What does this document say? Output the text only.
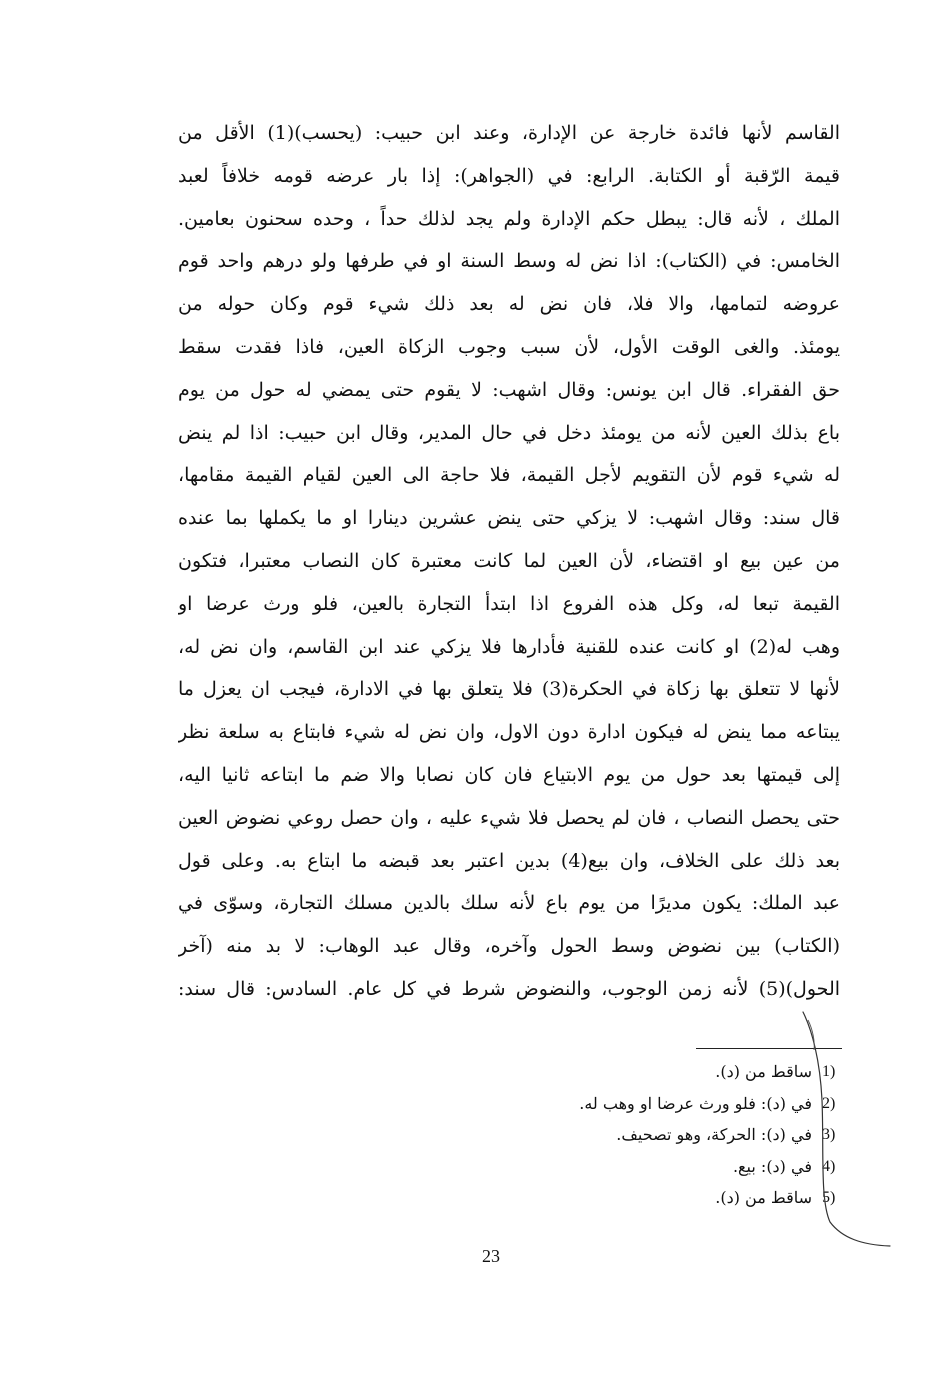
القاسم لأنها فائدة خارجة عن الإدارة، وعند ابن حبيب: (يحسب)(1) الأقل من
قيمة الرّقبة أو الكتابة. الرابع: في (الجواهر): إذا بار عرضه قومه خلافاً لعبد
الملك ، لأنه قال: يبطل حكم الإدارة ولم يجد لذلك حداً ، وحده سحنون بعامين.
الخامس: في (الكتاب): اذا نض له وسط السنة او في طرفها ولو درهم واحد قوم
عروضه لتمامها، والا فلا، فان نض له بعد ذلك شيء قوم وكان حوله من
يومئذ. والغى الوقت الأول، لأن سبب وجوب الزكاة العين، فاذا فقدت سقط
حق الفقراء. قال ابن يونس: وقال اشهب: لا يقوم حتى يمضي له حول من يوم
باع بذلك العين لأنه من يومئذ دخل في حال المدير، وقال ابن حبيب: اذا لم ينض
له شيء قوم لأن التقويم لأجل القيمة، فلا حاجة الى العين لقيام القيمة مقامها،
قال سند: وقال اشهب: لا يزكي حتى ينض عشرين دينارا او ما يكملها بما عنده
من عين بيع او اقتضاء، لأن العين لما كانت معتبرة كان النصاب معتبرا، فتكون
القيمة تبعا له، وكل هذه الفروع اذا ابتدأ التجارة بالعين، فلو ورث عرضا او
وهب له(2) او كانت عنده للقنية فأدارها فلا يزكي عند ابن القاسم، وان نض له،
لأنها لا تتعلق بها زكاة في الحكرة(3) فلا يتعلق بها في الادارة، فيجب ان يعزل ما
يبتاعه مما ينض له فيكون ادارة دون الاول، وان نض له شيء فابتاع به سلعة نظر
إلى قيمتها بعد حول من يوم الابتياع فان كان نصابا والا ضم ما ابتاعه ثانيا اليه،
حتى يحصل النصاب ، فان لم يحصل فلا شيء عليه ، وان حصل روعي نضوض العين
بعد ذلك على الخلاف، وان بيع(4) بدين اعتبر بعد قبضه ما ابتاع به. وعلى قول
عبد الملك: يكون مديرًا من يوم باع لأنه سلك بالدين مسلك التجارة، وسوّى في
(الكتاب) بين نضوض وسط الحول وآخره، وقال عبد الوهاب: لا بد منه (آخر
الحول)(5) لأنه زمن الوجوب، والنضوض شرط في كل عام. السادس: قال سند:
1)
ساقط من (د).
2)
في (د): فلو ورث عرضا او وهب له.
3)
في (د): الحركة، وهو تصحيف.
4)
في (د): بيع.
5)
ساقط من (د).
23
